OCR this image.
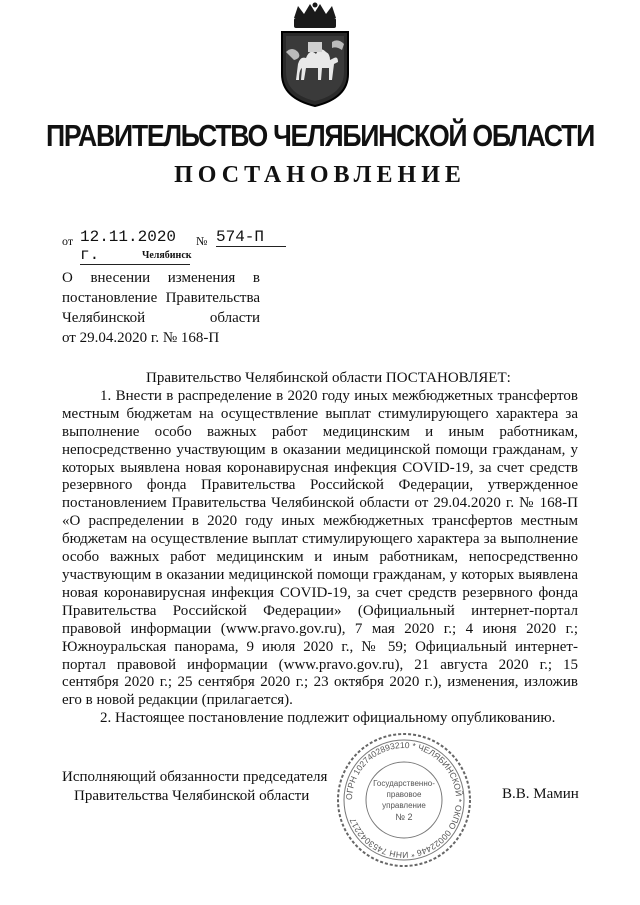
ПРАВИТЕЛЬСТВО ЧЕЛЯБИНСКОЙ ОБЛАСТИ
ПОСТАНОВЛЕНИЕ
от 12.11.2020 г.
№ 574-П
Челябинск
О внесении изменения в
постановление Правительства
Челябинской области
от 29.04.2020 г. № 168-П

Правительство Челябинской области ПОСТАНОВЛЯЕТ:

1. Внести в распределение в 2020 году иных межбюджетных трансфертов местным бюджетам на осуществление выплат стимулирующего характера за выполнение особо важных работ медицинским и иным работникам, непосредственно участвующим в оказании медицинской помощи гражданам, у которых выявлена новая коронавирусная инфекция COVID-19, за счет средств резервного фонда Правительства Российской Федерации, утвержденное постановлением Правительства Челябинской области от 29.04.2020 г. № 168-П «О распределении в 2020 году иных межбюджетных трансфертов местным бюджетам на осуществление выплат стимулирующего характера за выполнение особо важных работ медицинским и иным работникам, непосредственно участвующим в оказании медицинской помощи гражданам, у которых выявлена новая коронавирусная инфекция COVID-19, за счет средств резервного фонда Правительства Российской Федерации» (Официальный интернет-портал правовой информации (www.pravo.gov.ru), 7 мая 2020 г.; 4 июня 2020 г.; Южноуральская панорама, 9 июля 2020 г., № 59; Официальный интернет-портал правовой информации (www.pravo.gov.ru), 21 августа 2020 г.; 15 сентября 2020 г.; 25 сентября 2020 г.; 23 октября 2020 г.), изменения, изложив его в новой редакции (прилагается).

2. Настоящее постановление подлежит официальному опубликованию.

Исполняющий обязанности председателя
Правительства Челябинской области	В.В. Мамин
ОГРН 1027402893210 * ЧЕЛЯБИНСКОЙ * ОКПО 00022446 * ИНН 7453042217
Государственно-
правовое
управление
№ 2
